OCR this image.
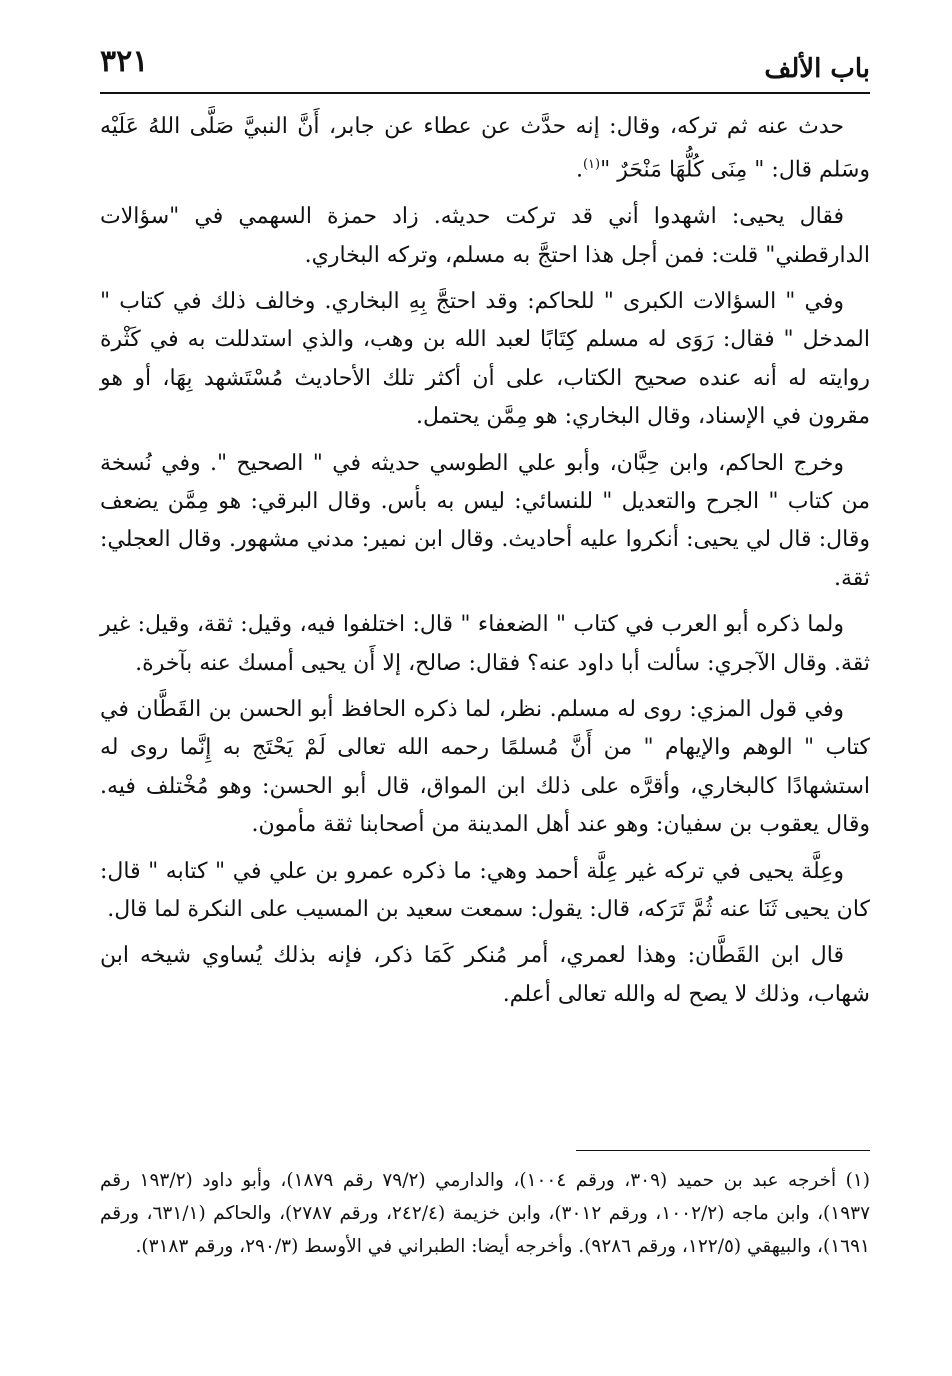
باب الألف
٣٢١

حدث عنه ثم تركه، وقال: إنه حدَّث عن عطاء عن جابر، أَنَّ النبيَّ صَلَّى اللهُ عَلَيْه وسَلم قال: " مِنَى كُلُّهَا مَنْحَرٌ "$^{(١)}$.

فقال يحيى: اشهدوا أني قد تركت حديثه. زاد حمزة السهمي في "سؤالات الدارقطني" قلت: فمن أجل هذا احتجَّ به مسلم، وتركه البخاري.

وفي " السؤالات الكبرى " للحاكم: وقد احتجَّ بِهِ البخاري. وخالف ذلك في كتاب " المدخل " فقال: رَوَى له مسلم كِتَابًا لعبد الله بن وهب، والذي استدللت به في كَثْرة روايته له أنه عنده صحيح الكتاب، على أن أكثر تلك الأحاديث مُسْتَشهد بِهَا، أو هو مقرون في الإسناد، وقال البخاري: هو مِمَّن يحتمل.

وخرج الحاكم، وابن حِبَّان، وأبو علي الطوسي حديثه في " الصحيح ". وفي نُسخة من كتاب " الجرح والتعديل " للنسائي: ليس به بأس. وقال البرقي: هو مِمَّن يضعف وقال: قال لي يحيى: أنكروا عليه أحاديث. وقال ابن نمير: مدني مشهور. وقال العجلي: ثقة.

ولما ذكره أبو العرب في كتاب " الضعفاء " قال: اختلفوا فيه، وقيل: ثقة، وقيل: غير ثقة. وقال الآجري: سألت أبا داود عنه؟ فقال: صالح، إلا أَن يحيى أمسك عنه بآخرة.

وفي قول المزي: روى له مسلم. نظر، لما ذكره الحافظ أبو الحسن بن القَطَّان في كتاب " الوهم والإيهام " من أَنَّ مُسلمًا رحمه الله تعالى لَمْ يَحْتَج به إِنَّما روى له استشهادًا كالبخاري، وأقرَّه على ذلك ابن المواق، قال أبو الحسن: وهو مُخْتلف فيه. وقال يعقوب بن سفيان: وهو عند أهل المدينة من أصحابنا ثقة مأمون.

وعِلَّة يحيى في تركه غير عِلَّة أحمد وهي: ما ذكره عمرو بن علي في " كتابه " قال: كان يحيى ثَنَا عنه ثُمَّ تَرَكه، قال: يقول: سمعت سعيد بن المسيب على النكرة لما قال.

قال ابن القَطَّان: وهذا لعمري، أمر مُنكر كَمَا ذكر، فإنه بذلك يُساوي شيخه ابن شهاب، وذلك لا يصح له والله تعالى أعلم.

(١) أخرجه عبد بن حميد (٣٠٩، ورقم ١٠٠٤)، والدارمي (٧٩/٢ رقم ١٨٧٩)، وأبو داود (١٩٣/٢ رقم ١٩٣٧)، وابن ماجه (١٠٠٢/٢، ورقم ٣٠١٢)، وابن خزيمة (٢٤٢/٤، ورقم ٢٧٨٧)، والحاكم (٦٣١/١، ورقم ١٦٩١)، والبيهقي (١٢٢/٥، ورقم ٩٢٨٦). وأخرجه أيضا: الطبراني في الأوسط (٢٩٠/٣، ورقم ٣١٨٣).
